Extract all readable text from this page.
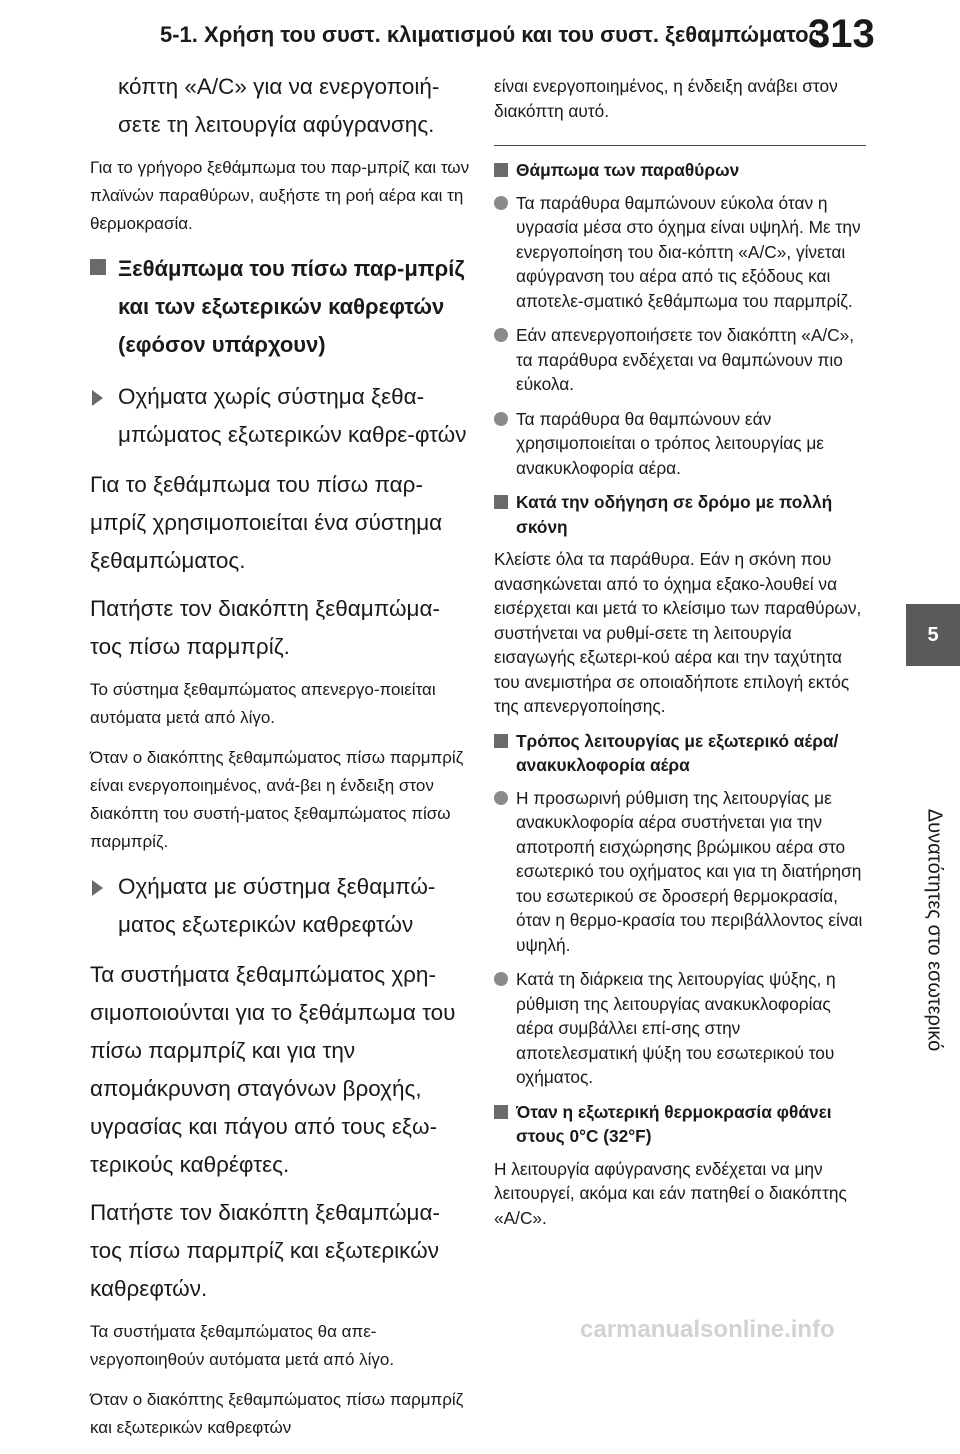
5-1. Χρήση του συστ. κλιματισμού και του συστ. ξεθαμπώματος
313
5
Δυνατότητες στο εσωτερικό

κόπτη «A/C» για να ενεργοποιή-σετε τη λειτουργία αφύγρανσης.

Για το γρήγορο ξεθάμπωμα του παρ-μπρίζ και των πλαϊνών παραθύρων, αυξήστε τη ροή αέρα και τη θερμοκρασία.

Ξεθάμπωμα του πίσω παρ-μπρίζ και των εξωτερικών καθρεφτών (εφόσον υπάρχουν)
Οχήματα χωρίς σύστημα ξεθα-μπώματος εξωτερικών καθρε-φτών

Για το ξεθάμπωμα του πίσω παρ-μπρίζ χρησιμοποιείται ένα σύστημα ξεθαμπώματος.

Πατήστε τον διακόπτη ξεθαμπώμα-τος πίσω παρμπρίζ.

Το σύστημα ξεθαμπώματος απενεργο-ποιείται αυτόματα μετά από λίγο.

Όταν ο διακόπτης ξεθαμπώματος πίσω παρμπρίζ είναι ενεργοποιημένος, ανά-βει η ένδειξη στον διακόπτη του συστή-ματος ξεθαμπώματος πίσω παρμπρίζ.

Οχήματα με σύστημα ξεθαμπώ-ματος εξωτερικών καθρεφτών

Τα συστήματα ξεθαμπώματος χρη-σιμοποιούνται για το ξεθάμπωμα του πίσω παρμπρίζ και για την απομάκρυνση σταγόνων βροχής, υγρασίας και πάγου από τους εξω-τερικούς καθρέφτες.

Πατήστε τον διακόπτη ξεθαμπώμα-τος πίσω παρμπρίζ και εξωτερικών καθρεφτών.

Τα συστήματα ξεθαμπώματος θα απε-νεργοποιηθούν αυτόματα μετά από λίγο.

Όταν ο διακόπτης ξεθαμπώματος πίσω παρμπρίζ και εξωτερικών καθρεφτών

είναι ενεργοποιημένος, η ένδειξη ανάβει στον διακόπτη αυτό.

Θάμπωμα των παραθύρων
Τα παράθυρα θαμπώνουν εύκολα όταν η υγρασία μέσα στο όχημα είναι υψηλή. Με την ενεργοποίηση του δια-κόπτη «A/C», γίνεται αφύγρανση του αέρα από τις εξόδους και αποτελε-σματικό ξεθάμπωμα του παρμπρίζ.
Εάν απενεργοποιήσετε τον διακόπτη «A/C», τα παράθυρα ενδέχεται να θαμπώνουν πιο εύκολα.
Τα παράθυρα θα θαμπώνουν εάν χρησιμοποιείται ο τρόπος λειτουργίας με ανακυκλοφορία αέρα.
Κατά την οδήγηση σε δρόμο με πολλή σκόνη

Κλείστε όλα τα παράθυρα. Εάν η σκόνη που ανασηκώνεται από το όχημα εξακο-λουθεί να εισέρχεται και μετά το κλείσιμο των παραθύρων, συστήνεται να ρυθμί-σετε τη λειτουργία εισαγωγής εξωτερι-κού αέρα και την ταχύτητα του ανεμιστήρα σε οποιαδήποτε επιλογή εκτός της απενεργοποίησης.

Τρόπος λειτουργίας με εξωτερικό αέρα/ανακυκλοφορία αέρα
Η προσωρινή ρύθμιση της λειτουργίας με ανακυκλοφορία αέρα συστήνεται για την αποτροπή εισχώρησης βρώμικου αέρα στο εσωτερικό του οχήματος και για τη διατήρηση του εσωτερικού σε δροσερή θερμοκρασία, όταν η θερμο-κρασία του περιβάλλοντος είναι υψηλή.
Κατά τη διάρκεια της λειτουργίας ψύξης, η ρύθμιση της λειτουργίας ανακυκλοφορίας αέρα συμβάλλει επί-σης στην αποτελεσματική ψύξη του εσωτερικού του οχήματος.
Όταν η εξωτερική θερμοκρασία φθάνει στους 0°C (32°F)

Η λειτουργία αφύγρανσης ενδέχεται να μην λειτουργεί, ακόμα και εάν πατηθεί ο διακόπτης «A/C».

carmanualsonline.info
